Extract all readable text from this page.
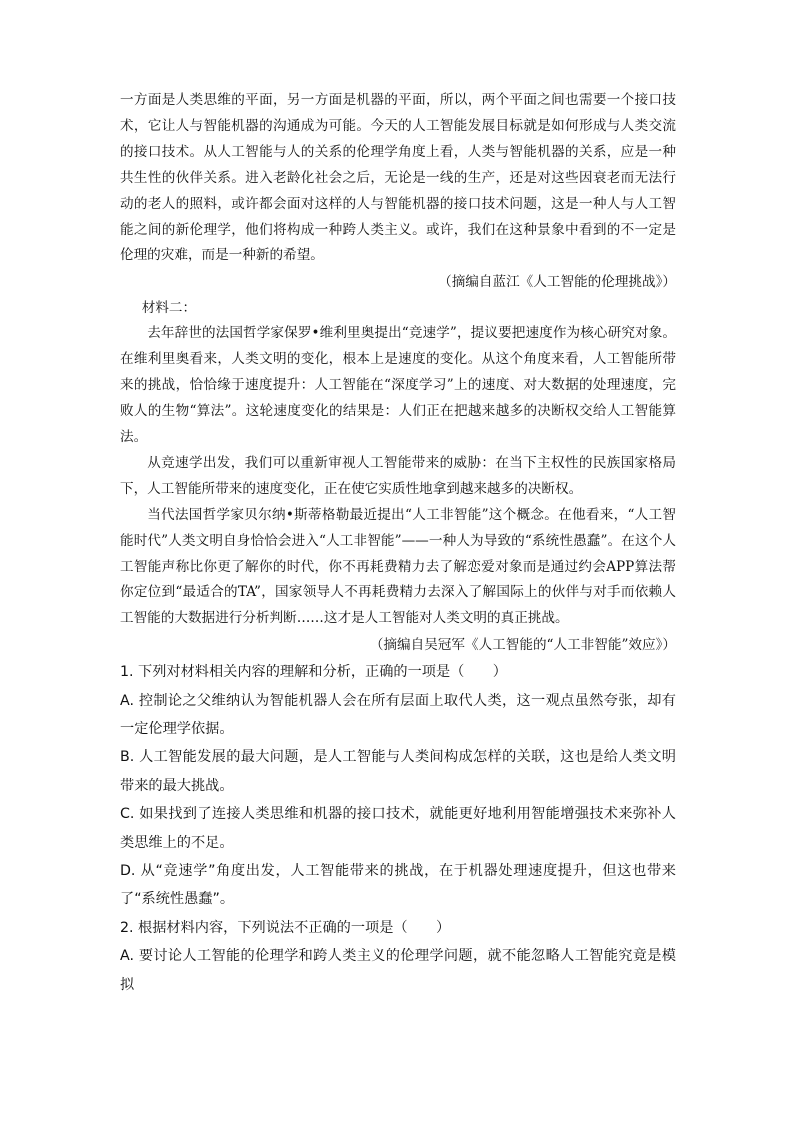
一方面是人类思维的平面，另一方面是机器的平面，所以，两个平面之间也需要一个接口技术，它让人与智能机器的沟通成为可能。今天的人工智能发展目标就是如何形成与人类交流的接口技术。从人工智能与人的关系的伦理学角度上看，人类与智能机器的关系，应是一种共生性的伙伴关系。进入老龄化社会之后，无论是一线的生产，还是对这些因衰老而无法行动的老人的照料，或许都会面对这样的人与智能机器的接口技术问题，这是一种人与人工智能之间的新伦理学，他们将构成一种跨人类主义。或许，我们在这种景象中看到的不一定是伦理的灾难，而是一种新的希望。

（摘编自蓝江《人工智能的伦理挑战》）

材料二：

去年辞世的法国哲学家保罗•维利里奥提出“竞速学”，提议要把速度作为核心研究对象。在维利里奥看来，人类文明的变化，根本上是速度的变化。从这个角度来看，人工智能所带来的挑战，恰恰缘于速度提升：人工智能在“深度学习”上的速度、对大数据的处理速度，完败人的生物“算法”。这轮速度变化的结果是：人们正在把越来越多的决断权交给人工智能算法。

从竞速学出发，我们可以重新审视人工智能带来的威胁：在当下主权性的民族国家格局下，人工智能所带来的速度变化，正在使它实质性地拿到越来越多的决断权。

当代法国哲学家贝尔纳•斯蒂格勒最近提出“人工非智能”这个概念。在他看来，“人工智能时代”人类文明自身恰恰会进入“人工非智能”——一种人为导致的“系统性愚蠢”。在这个人工智能声称比你更了解你的时代，你不再耗费精力去了解恋爱对象而是通过约会APP算法帮你定位到“最适合的TA”，国家领导人不再耗费精力去深入了解国际上的伙伴与对手而依赖人工智能的大数据进行分析判断……这才是人工智能对人类文明的真正挑战。

（摘编自吴冠军《人工智能的“人工非智能”效应》）

1. 下列对材料相关内容的理解和分析，正确的一项是（　　）

A. 控制论之父维纳认为智能机器人会在所有层面上取代人类，这一观点虽然夸张，却有一定伦理学依据。

B. 人工智能发展的最大问题，是人工智能与人类间构成怎样的关联，这也是给人类文明带来的最大挑战。

C. 如果找到了连接人类思维和机器的接口技术，就能更好地利用智能增强技术来弥补人类思维上的不足。

D. 从“竞速学”角度出发，人工智能带来的挑战，在于机器处理速度提升，但这也带来了“系统性愚蠢”。

2. 根据材料内容，下列说法不正确的一项是（　　）

A. 要讨论人工智能的伦理学和跨人类主义的伦理学问题，就不能忽略人工智能究竟是模拟
